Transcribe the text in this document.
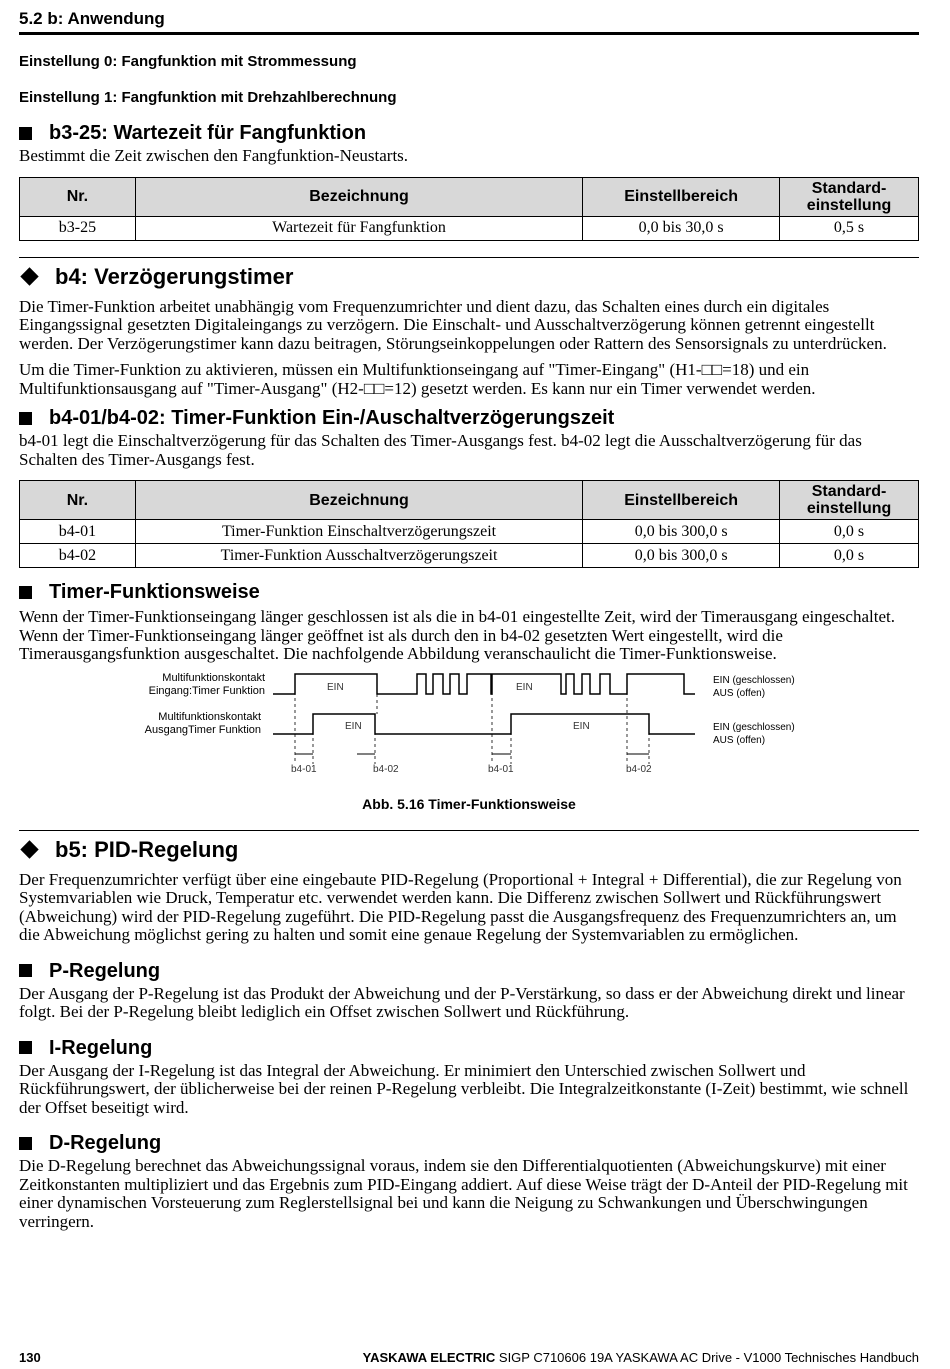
5.2 b: Anwendung
Einstellung 0: Fangfunktion mit Strommessung
Einstellung 1: Fangfunktion mit Drehzahlberechnung
b3-25: Wartezeit für Fangfunktion

Bestimmt die Zeit zwischen den Fangfunktion-Neustarts.

Nr.	Bezeichnung	Einstellbereich	Standard-
einstellung
b3-25	Wartezeit für Fangfunktion	0,0 bis 30,0 s	0,5 s
b4: Verzögerungstimer

Die Timer-Funktion arbeitet unabhängig vom Frequenzumrichter und dient dazu, das Schalten eines durch ein digitales Eingangssignal gesetzten Digitaleingangs zu verzögern. Die Einschalt- und Ausschaltverzögerung können getrennt eingestellt werden. Der Verzögerungstimer kann dazu beitragen, Störungseinkoppelungen oder Rattern des Sensorsignals zu unterdrücken.

Um die Timer-Funktion zu aktivieren, müssen ein Multifunktionseingang auf "Timer-Eingang" (H1-□□=18) und ein Multifunktionsausgang auf "Timer-Ausgang" (H2-□□=12) gesetzt werden. Es kann nur ein Timer verwendet werden.

b4-01/b4-02: Timer-Funktion Ein-/Auschaltverzögerungszeit

b4-01 legt die Einschaltverzögerung für das Schalten des Timer-Ausgangs fest. b4-02 legt die Ausschaltverzögerung für das Schalten des Timer-Ausgangs fest.

Nr.	Bezeichnung	Einstellbereich	Standard-
einstellung
b4-01	Timer-Funktion Einschaltverzögerungszeit	0,0 bis 300,0 s	0,0 s
b4-02	Timer-Funktion Ausschaltverzögerungszeit	0,0 bis 300,0 s	0,0 s
Timer-Funktionsweise

Wenn der Timer-Funktionseingang länger geschlossen ist als die in b4-01 eingestellte Zeit, wird der Timerausgang eingeschaltet. Wenn der Timer-Funktionseingang länger geöffnet ist als durch den in b4-02 gesetzten Wert eingestellt, wird die Timerausgangsfunktion ausgeschaltet. Die nachfolgende Abbildung veranschaulicht die Timer-Funktionsweise.

Multifunktionskontakt
Eingang:Timer Funktion
Multifunktionskontakt
AusgangTimer Funktion
EIN	EIN
EIN	EIN
EIN (geschlossen)
AUS (offen)
EIN (geschlossen)
AUS (offen)
b4-01	b4-02	b4-01	b4-02
Abb. 5.16 Timer-Funktionsweise
b5: PID-Regelung

Der Frequenzumrichter verfügt über eine eingebaute PID-Regelung (Proportional + Integral + Differential), die zur Regelung von Systemvariablen wie Druck, Temperatur etc. verwendet werden kann. Die Differenz zwischen Sollwert und Rückführungswert (Abweichung) wird der PID-Regelung zugeführt. Die PID-Regelung passt die Ausgangsfrequenz des Frequenzumrichters an, um die Abweichung möglichst gering zu halten und somit eine genaue Regelung der Systemvariablen zu ermöglichen.

P-Regelung

Der Ausgang der P-Regelung ist das Produkt der Abweichung und der P-Verstärkung, so dass er der Abweichung direkt und linear folgt. Bei der P-Regelung bleibt lediglich ein Offset zwischen Sollwert und Rückführung.

I-Regelung

Der Ausgang der I-Regelung ist das Integral der Abweichung. Er minimiert den Unterschied zwischen Sollwert und Rückführungswert, der üblicherweise bei der reinen P-Regelung verbleibt. Die Integralzeitkonstante (I-Zeit) bestimmt, wie schnell der Offset beseitigt wird.

D-Regelung

Die D-Regelung berechnet das Abweichungssignal voraus, indem sie den Differentialquotienten (Abweichungskurve) mit einer Zeitkonstanten multipliziert und das Ergebnis zum PID-Eingang addiert. Auf diese Weise trägt der D-Anteil der PID-Regelung mit einer dynamischen Vorsteuerung zum Reglerstellsignal bei und kann die Neigung zu Schwankungen und Überschwingungen verringern.

130	YASKAWA ELECTRIC SIGP C710606 19A YASKAWA AC Drive - V1000 Technisches Handbuch
